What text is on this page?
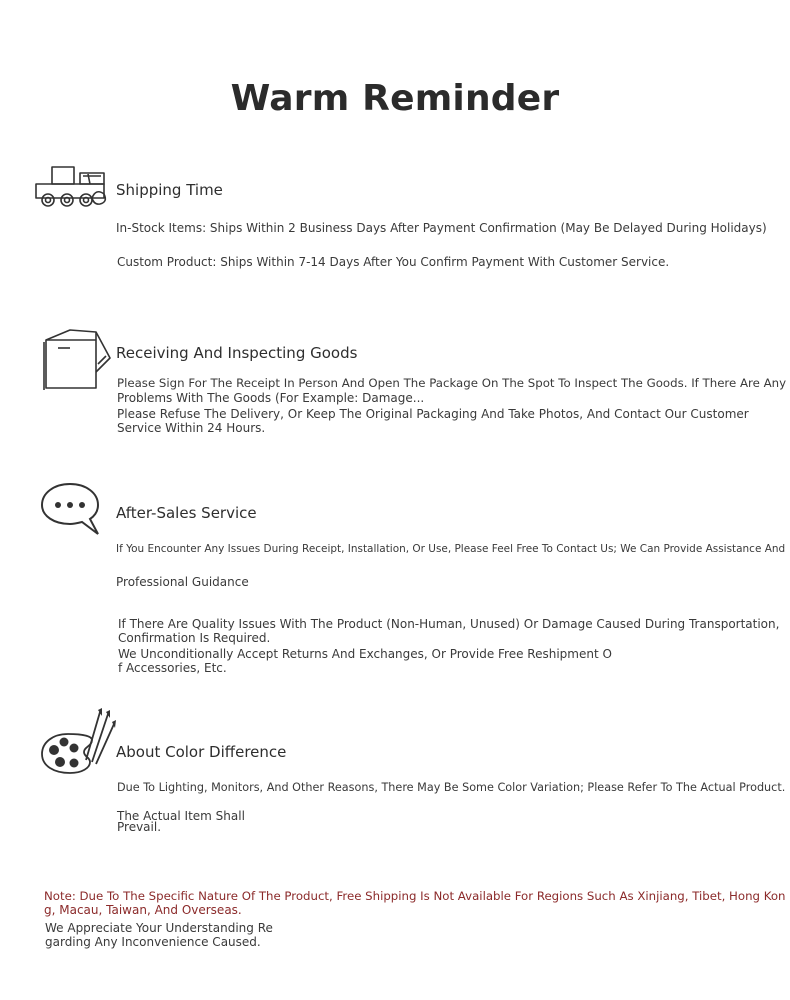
Warm Reminder
Shipping Time
In-Stock Items: Ships Within 2 Business Days After Payment Confirmation (May Be Delayed During Holidays)
Custom Product: Ships Within 7-14 Days After You Confirm Payment With Customer Service.
Receiving And Inspecting Goods
Please Sign For The Receipt In Person And Open The Package On The Spot To Inspect The Goods. If There Are Any
Problems With The Goods (For Example: Damage...
Please Refuse The Delivery, Or Keep The Original Packaging And Take Photos, And Contact Our Customer
Service Within 24 Hours.
After-Sales Service
If You Encounter Any Issues During Receipt, Installation, Or Use, Please Feel Free To Contact Us; We Can Provide Assistance And
Professional Guidance
If There Are Quality Issues With The Product (Non-Human, Unused) Or Damage Caused During Transportation,
Confirmation Is Required.
We Unconditionally Accept Returns And Exchanges, Or Provide Free Reshipment O
f Accessories, Etc.
About Color Difference
Due To Lighting, Monitors, And Other Reasons, There May Be Some Color Variation; Please Refer To The Actual Product.
The Actual Item Shall
Prevail.
Note: Due To The Specific Nature Of The Product, Free Shipping Is Not Available For Regions Such As Xinjiang, Tibet, Hong Kon
g, Macau, Taiwan, And Overseas.
We Appreciate Your Understanding Re
garding Any Inconvenience Caused.
